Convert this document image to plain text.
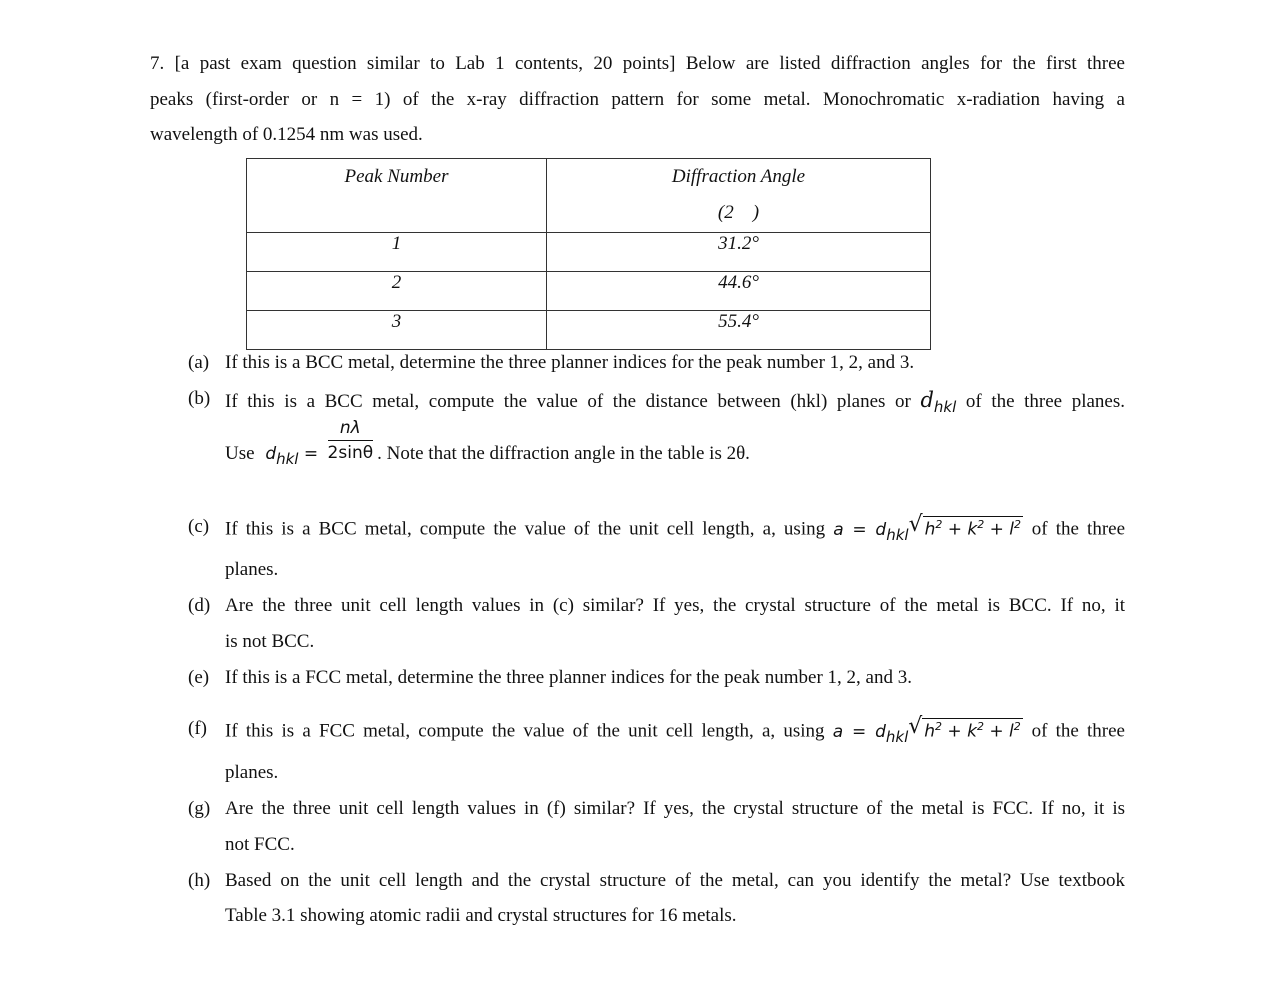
7. [a past exam question similar to Lab 1 contents, 20 points] Below are listed diffraction angles for the first three
peaks (first-order or n = 1) of the x-ray diffraction pattern for some metal. Monochromatic x-radiation having a
wavelength of 0.1254 nm was used.
Peak Number	Diffraction Angle
(2    )

1	31.2°
2	44.6°
3	55.4°
(a) If this is a BCC metal, determine the three planner indices for the peak number 1, 2, and 3.
(b) If this is a BCC metal, compute the value of the distance between (hkl) planes or $d_{hkl}$ of the three planes.
Use dhkl = $\frac{n\lambda}{2\sin\theta}$ . Note that the diffraction angle in the table is 2θ.
(c) If this is a BCC metal, compute the value of the unit cell length, a, using a = dhkl √ $h^2 + k^2 + l^2$ of the three
planes.
(d) Are the three unit cell length values in (c) similar? If yes, the crystal structure of the metal is BCC. If no, it
is not BCC.
(e) If this is a FCC metal, determine the three planner indices for the peak number 1, 2, and 3.
(f) If this is a FCC metal, compute the value of the unit cell length, a, using a = dhkl √ $h^2 + k^2 + l^2$ of the three
planes.
(g) Are the three unit cell length values in (f) similar? If yes, the crystal structure of the metal is FCC. If no, it is
not FCC.
(h) Based on the unit cell length and the crystal structure of the metal, can you identify the metal? Use textbook
Table 3.1 showing atomic radii and crystal structures for 16 metals.
